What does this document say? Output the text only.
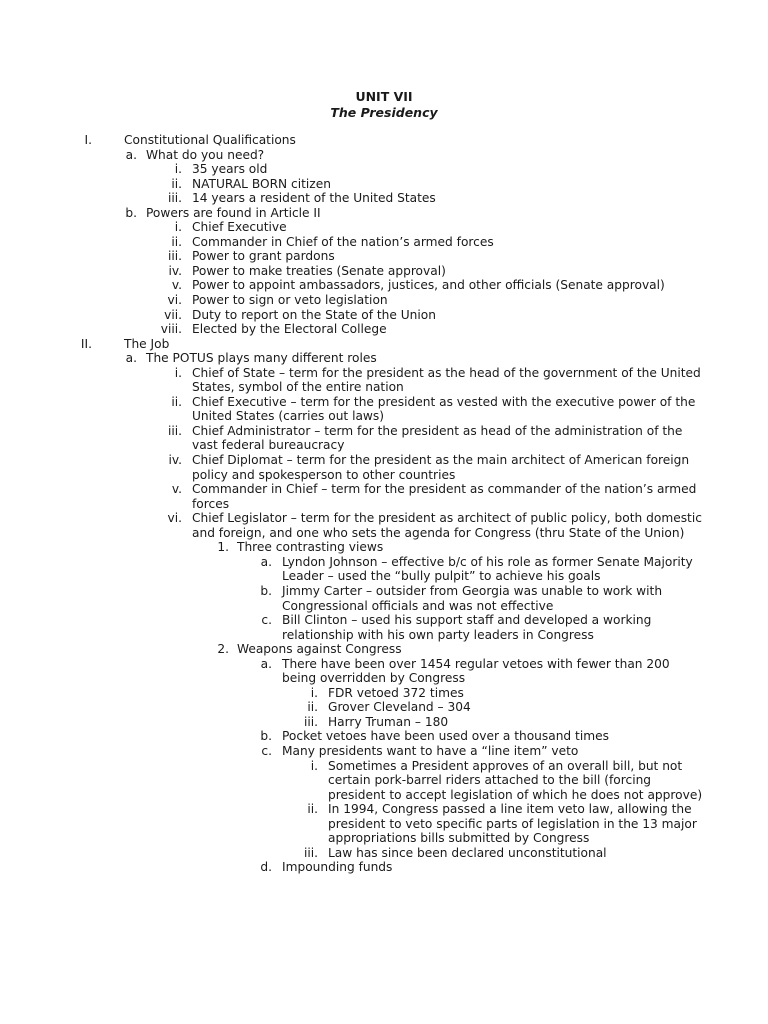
UNIT VII
The Presidency
I.	Constitutional Qualifications
a. What do you need?
i. 35 years old
ii. NATURAL BORN citizen
iii. 14 years a resident of the United States
b. Powers are found in Article II
i. Chief Executive
ii. Commander in Chief of the nation’s armed forces
iii. Power to grant pardons
iv. Power to make treaties (Senate approval)
v. Power to appoint ambassadors, justices, and other officials (Senate approval)
vi. Power to sign or veto legislation
vii. Duty to report on the State of the Union
viii. Elected by the Electoral College
II.	The Job
a. The POTUS plays many different roles
i. Chief of State – term for the president as the head of the government of the United
States, symbol of the entire nation
ii. Chief Executive – term for the president as vested with the executive power of the
United States (carries out laws)
iii. Chief Administrator – term for the president as head of the administration of the
vast federal bureaucracy
iv. Chief Diplomat – term for the president as the main architect of American foreign
policy and spokesperson to other countries
v. Commander in Chief – term for the president as commander of the nation’s armed
forces
vi. Chief Legislator – term for the president as architect of public policy, both domestic
and foreign, and one who sets the agenda for Congress (thru State of the Union)
1. Three contrasting views
a. Lyndon Johnson – effective b/c of his role as former Senate Majority
Leader – used the “bully pulpit” to achieve his goals
b. Jimmy Carter – outsider from Georgia was unable to work with
Congressional officials and was not effective
c. Bill Clinton – used his support staff and developed a working
relationship with his own party leaders in Congress
2. Weapons against Congress
a. There have been over 1454 regular vetoes with fewer than 200
being overridden by Congress
i. FDR vetoed 372 times
ii. Grover Cleveland – 304
iii. Harry Truman – 180
b. Pocket vetoes have been used over a thousand times
c. Many presidents want to have a “line item” veto
i. Sometimes a President approves of an overall bill, but not
certain pork-barrel riders attached to the bill (forcing
president to accept legislation of which he does not approve)
ii. In 1994, Congress passed a line item veto law, allowing the
president to veto specific parts of legislation in the 13 major
appropriations bills submitted by Congress
iii. Law has since been declared unconstitutional
d. Impounding funds
